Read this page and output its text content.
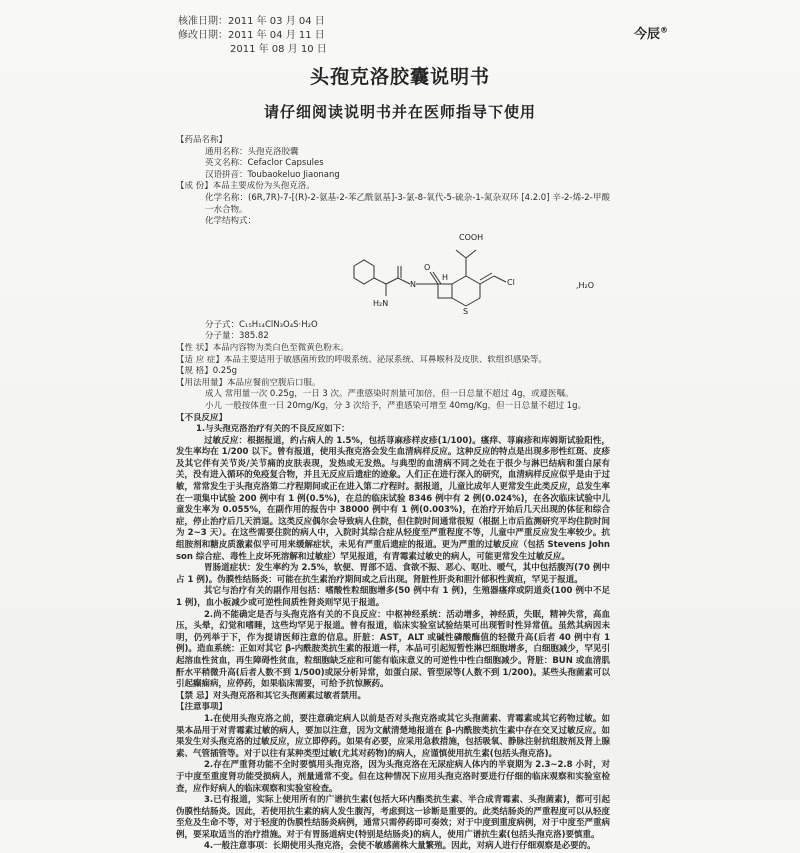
核准日期：2011 年 03 月 04 日
修改日期：2011 年 04 月 11 日
2011 年 08 月 10 日
今辰®
头孢克洛胶囊说明书
请仔细阅读说明书并在医师指导下使用
【药品名称】
通用名称：头孢克洛胶囊
英文名称：Cefaclor Capsules
汉语拼音：Toubaokeluo Jiaonang
【成 份】本品主要成份为头孢克洛。
化学名称：(6R,7R)-7-[(R)-2-氨基-2-苯乙酰氨基]-3-氯-8-氧代-5-硫杂-1-氮杂双环 [4.2.0] 辛-2-烯-2-甲酸一水合物。
化学结构式：
COOH
O
N
H₂N
H
S
Cl	,H₂O
分子式：C₁₅H₁₄ClN₃O₄S·H₂O
分子量：385.82
【性 状】本品内容物为类白色至微黄色粉末。
【适 应 症】本品主要适用于敏感菌所致的呼吸系统、泌尿系统、耳鼻喉科及皮肤、软组织感染等。
【规 格】0.25g
【用法用量】本品应餐前空腹后口服。
成人 常用量一次 0.25g，一日 3 次。严重感染时剂量可加倍，但一日总量不超过 4g，或遵医嘱。
小儿 一般按体重一日 20mg/Kg，分 3 次给予，严重感染可增至 40mg/Kg，但一日总量不超过 1g。
【不良反应】
1.与头孢克洛治疗有关的不良反应如下：
过敏反应：根据报道，约占病人的 1.5%，包括荨麻疹样皮疹(1/100)。瘙痒、荨麻疹和库姆斯试验阳性，发生率均在 1/200 以下。曾有报道，使用头孢克洛会发生血清病样反应。这种反应的特点是出现多形性红斑、皮疹及其它伴有关节炎/关节痛的皮肤表现，发热或无发热。与典型的血清病不同之处在于很少与淋巴结病和蛋白尿有关，没有进入循环的免疫复合物，并且无反应后遗症的迹象。人们正在进行深入的研究，血清病样反应似乎是由于过敏，常常发生于头孢克洛第二疗程期间或正在进入第二疗程时。据报道，儿童比成年人更常发生此类反应，总发生率在一项集中试验 200 例中有 1 例(0.5%)，在总的临床试验 8346 例中有 2 例(0.024%)，在各次临床试验中儿童发生率为 0.055%，在副作用的报告中 38000 例中有 1 例(0.003%)，在治疗开始后几天出现的体征和综合症，停止治疗后几天消退。这类反应偶尔会导致病人住院，但住院时间通常很短（根据上市后监测研究平均住院时间为 2~3 天）。在这些需要住院的病人中，入院时其综合症从轻度至严重程度不等，儿童中严重反应发生率较少。抗组胺剂和糖皮质激素似乎可用来缓解症状，未见有严重后遗症的报道。更为严重的过敏反应（包括 Stevens Johnson 综合症、毒性上皮坏死溶解和过敏症）罕见报道，有青霉素过敏史的病人，可能更常发生过敏反应。
胃肠道症状：发生率约为 2.5%，软便、胃部不适、食欲不振、恶心、呕吐、嗳气，其中包括腹泻(70 例中占 1 例)。伪膜性结肠炎：可能在抗生素治疗期间或之后出现。肾脏性肝炎和胆汁郁积性黄疸，罕见于报道。
其它与治疗有关的副作用包括：嗜酸性粒细胞增多(50 例中有 1 例)，生殖器瘙痒或阴道炎(100 例中不足 1 例)，血小板减少或可逆性间质性肾炎则罕见于报道。
2.尚不能确定是否与头孢克洛有关的不良反应：中枢神经系统：活动增多，神经质，失眠，精神失常，高血压，头晕，幻觉和嗜睡，这些均罕见于报道。曾有报道，临床实验室试验结果可出现暂时性异常值。虽然其病因未明，仍列举于下，作为提请医师注意的信息。肝脏：AST，ALT 或碱性磷酸酶值的轻微升高(后者 40 例中有 1 例)。造血系统：正如对其它 β-内酰胺类抗生素的报道一样，本品可引起短暂性淋巴细胞增多，白细胞减少，罕见引起溶血性贫血，再生障碍性贫血，粒细胞缺乏症和可能有临床意义的可逆性中性白细胞减少。肾脏：BUN 或血清肌酐水平稍微升高(后者人数不到 1/500)或尿分析异常，如蛋白尿、管型尿等(人数不到 1/200)。某些头孢菌素可以引起癫痫病，应停药，如果临床需要，可给予抗惊厥药。
【禁 忌】对头孢克洛和其它头孢菌素过敏者禁用。
【注意事项】
1.在使用头孢克洛之前，要注意确定病人以前是否对头孢克洛或其它头孢菌素、青霉素或其它药物过敏。如果本品用于对青霉素过敏的病人，要加以注意，因为文献清楚地报道在 β-内酰胺类抗生素中存在交叉过敏反应。如果发生对头孢克洛的过敏反应，应立即停药。如果有必要，应采用急救措施，包括吸氧、静脉注射抗组胺剂及肾上腺素、气管插管等。对于以往有某种类型过敏(尤其对药物)的病人，应谨慎使用抗生素(包括头孢克洛)。
2.存在严重肾功能不全时要慎用头孢克洛，因为头孢克洛在无尿症病人体内的半衰期为 2.3~2.8 小时，对于中度至重度肾功能受损病人，剂量通常不变。但在这种情况下应用头孢克洛时要进行仔细的临床观察和实验室检查，应作好病人的临床观察和实验室检查。
3.已有报道，实际上使用所有的广谱抗生素(包括大环内酯类抗生素、半合成青霉素、头孢菌素)，都可引起伪膜性结肠炎。因此，若使用抗生素的病人发生腹泻，考虑到这一诊断是重要的。此类结肠炎的严重程度可以从轻度至危及生命不等，对于轻度的伪膜性结肠炎病例，通常只需停药即可奏效；对于中度到重度病例，对于中度至严重病例，要采取适当的治疗措施。对于有胃肠道病史(特别是结肠炎)的病人，使用广谱抗生素(包括头孢克洛)要慎重。
4.一般注意事项：长期使用头孢克洛，会使不敏感菌株大量繁殖。因此，对病人进行仔细观察是必要的。
